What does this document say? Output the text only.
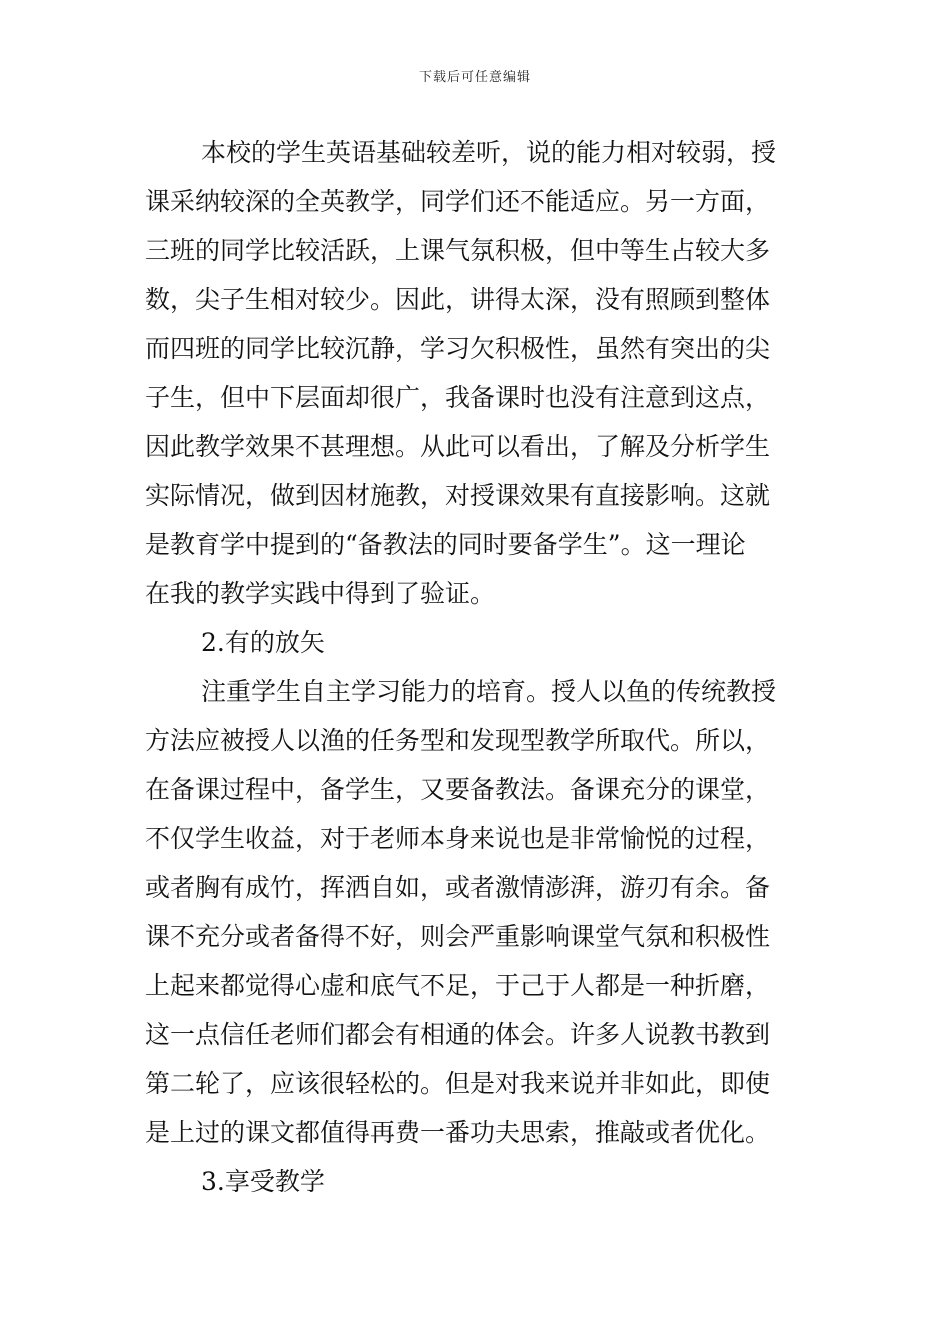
下载后可任意编辑
本校的学生英语基础较差听，说的能力相对较弱，授
课采纳较深的全英教学，同学们还不能适应。另一方面，
三班的同学比较活跃，上课气氛积极，但中等生占较大多
数，尖子生相对较少。因此，讲得太深，没有照顾到整体
而四班的同学比较沉静，学习欠积极性，虽然有突出的尖
子生，但中下层面却很广，我备课时也没有注意到这点，
因此教学效果不甚理想。从此可以看出，了解及分析学生
实际情况，做到因材施教，对授课效果有直接影响。这就
是教育学中提到的“备教法的同时要备学生”。这一理论
在我的教学实践中得到了验证。
2.有的放矢
注重学生自主学习能力的培育。授人以鱼的传统教授
方法应被授人以渔的任务型和发现型教学所取代。所以，
在备课过程中，备学生，又要备教法。备课充分的课堂，
不仅学生收益，对于老师本身来说也是非常愉悦的过程，
或者胸有成竹，挥洒自如，或者激情澎湃，游刃有余。备
课不充分或者备得不好，则会严重影响课堂气氛和积极性
上起来都觉得心虚和底气不足，于己于人都是一种折磨，
这一点信任老师们都会有相通的体会。许多人说教书教到
第二轮了，应该很轻松的。但是对我来说并非如此，即使
是上过的课文都值得再费一番功夫思索，推敲或者优化。
3.享受教学
